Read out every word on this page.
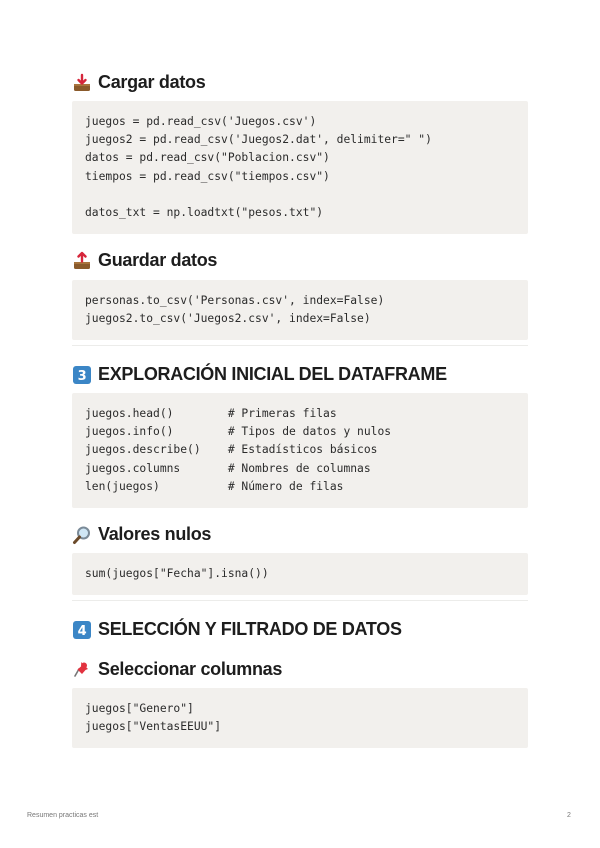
Cargar datos
juegos = pd.read_csv('Juegos.csv')
juegos2 = pd.read_csv('Juegos2.dat', delimiter=" ")
datos = pd.read_csv("Poblacion.csv")
tiempos = pd.read_csv("tiempos.csv")

datos_txt = np.loadtxt("pesos.txt")
Guardar datos
personas.to_csv('Personas.csv', index=False)
juegos2.to_csv('Juegos2.csv', index=False)
3 EXPLORACIÓN INICIAL DEL DATAFRAME
juegos.head()        # Primeras filas
juegos.info()        # Tipos de datos y nulos
juegos.describe()    # Estadísticos básicos
juegos.columns       # Nombres de columnas
len(juegos)          # Número de filas
Valores nulos
sum(juegos["Fecha"].isna())
4 SELECCIÓN Y FILTRADO DE DATOS
Seleccionar columnas
juegos["Genero"]
juegos["VentasEEUU"]
Resumen practicas est	2
